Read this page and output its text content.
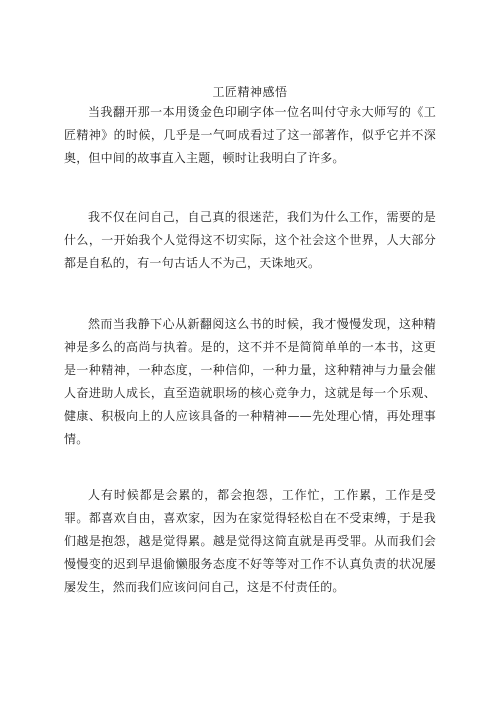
工匠精神感悟

当我翻开那一本用烫金色印刷字体一位名叫付守永大师写的《工匠精神》的时候，几乎是一气呵成看过了这一部著作，似乎它并不深奥，但中间的故事直入主题，顿时让我明白了许多。

我不仅在问自己，自己真的很迷茫，我们为什么工作，需要的是什么，一开始我个人觉得这不切实际，这个社会这个世界，人大部分都是自私的，有一句古话人不为己，天诛地灭。

然而当我静下心从新翻阅这么书的时候，我才慢慢发现，这种精神是多么的高尚与执着。是的，这不并不是简简单单的一本书，这更是一种精神，一种态度，一种信仰，一种力量，这种精神与力量会催人奋进助人成长，直至造就职场的核心竞争力，这就是每一个乐观、健康、积极向上的人应该具备的一种精神——先处理心情，再处理事情。

人有时候都是会累的，都会抱怨，工作忙，工作累，工作是受罪。都喜欢自由，喜欢家，因为在家觉得轻松自在不受束缚，于是我们越是抱怨，越是觉得累。越是觉得这简直就是再受罪。从而我们会慢慢变的迟到早退偷懒服务态度不好等等对工作不认真负责的状况屡屡发生，然而我们应该问问自己，这是不付责任的。
